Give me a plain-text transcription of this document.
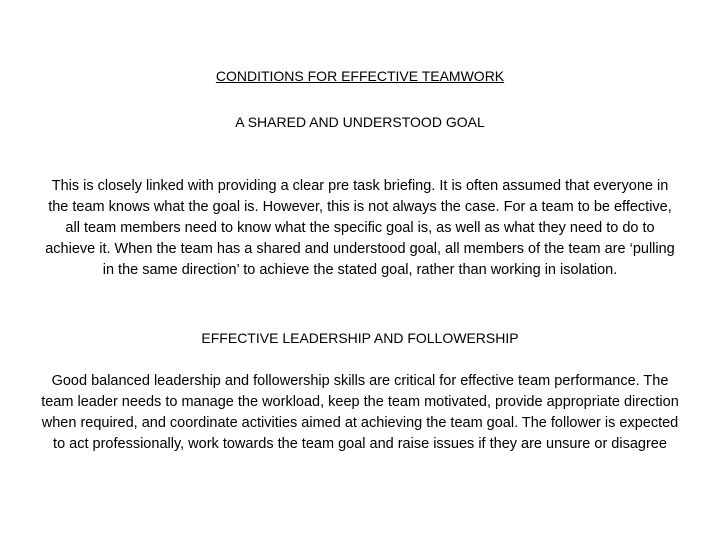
CONDITIONS FOR EFFECTIVE TEAMWORK
A SHARED AND UNDERSTOOD GOAL

This is closely linked with providing a clear pre task briefing. It is often assumed that everyone in the team knows what the goal is. However, this is not always the case. For a team to be effective, all team members need to know what the specific goal is, as well as what they need to do to achieve it. When the team has a shared and understood goal, all members of the team are ‘pulling in the same direction’ to achieve the stated goal, rather than working in isolation.

EFFECTIVE LEADERSHIP AND FOLLOWERSHIP

Good balanced leadership and followership skills are critical for effective team performance. The team leader needs to manage the workload, keep the team motivated, provide appropriate direction when required, and coordinate activities aimed at achieving the team goal. The follower is expected to act professionally, work towards the team goal and raise issues if they are unsure or disagree
